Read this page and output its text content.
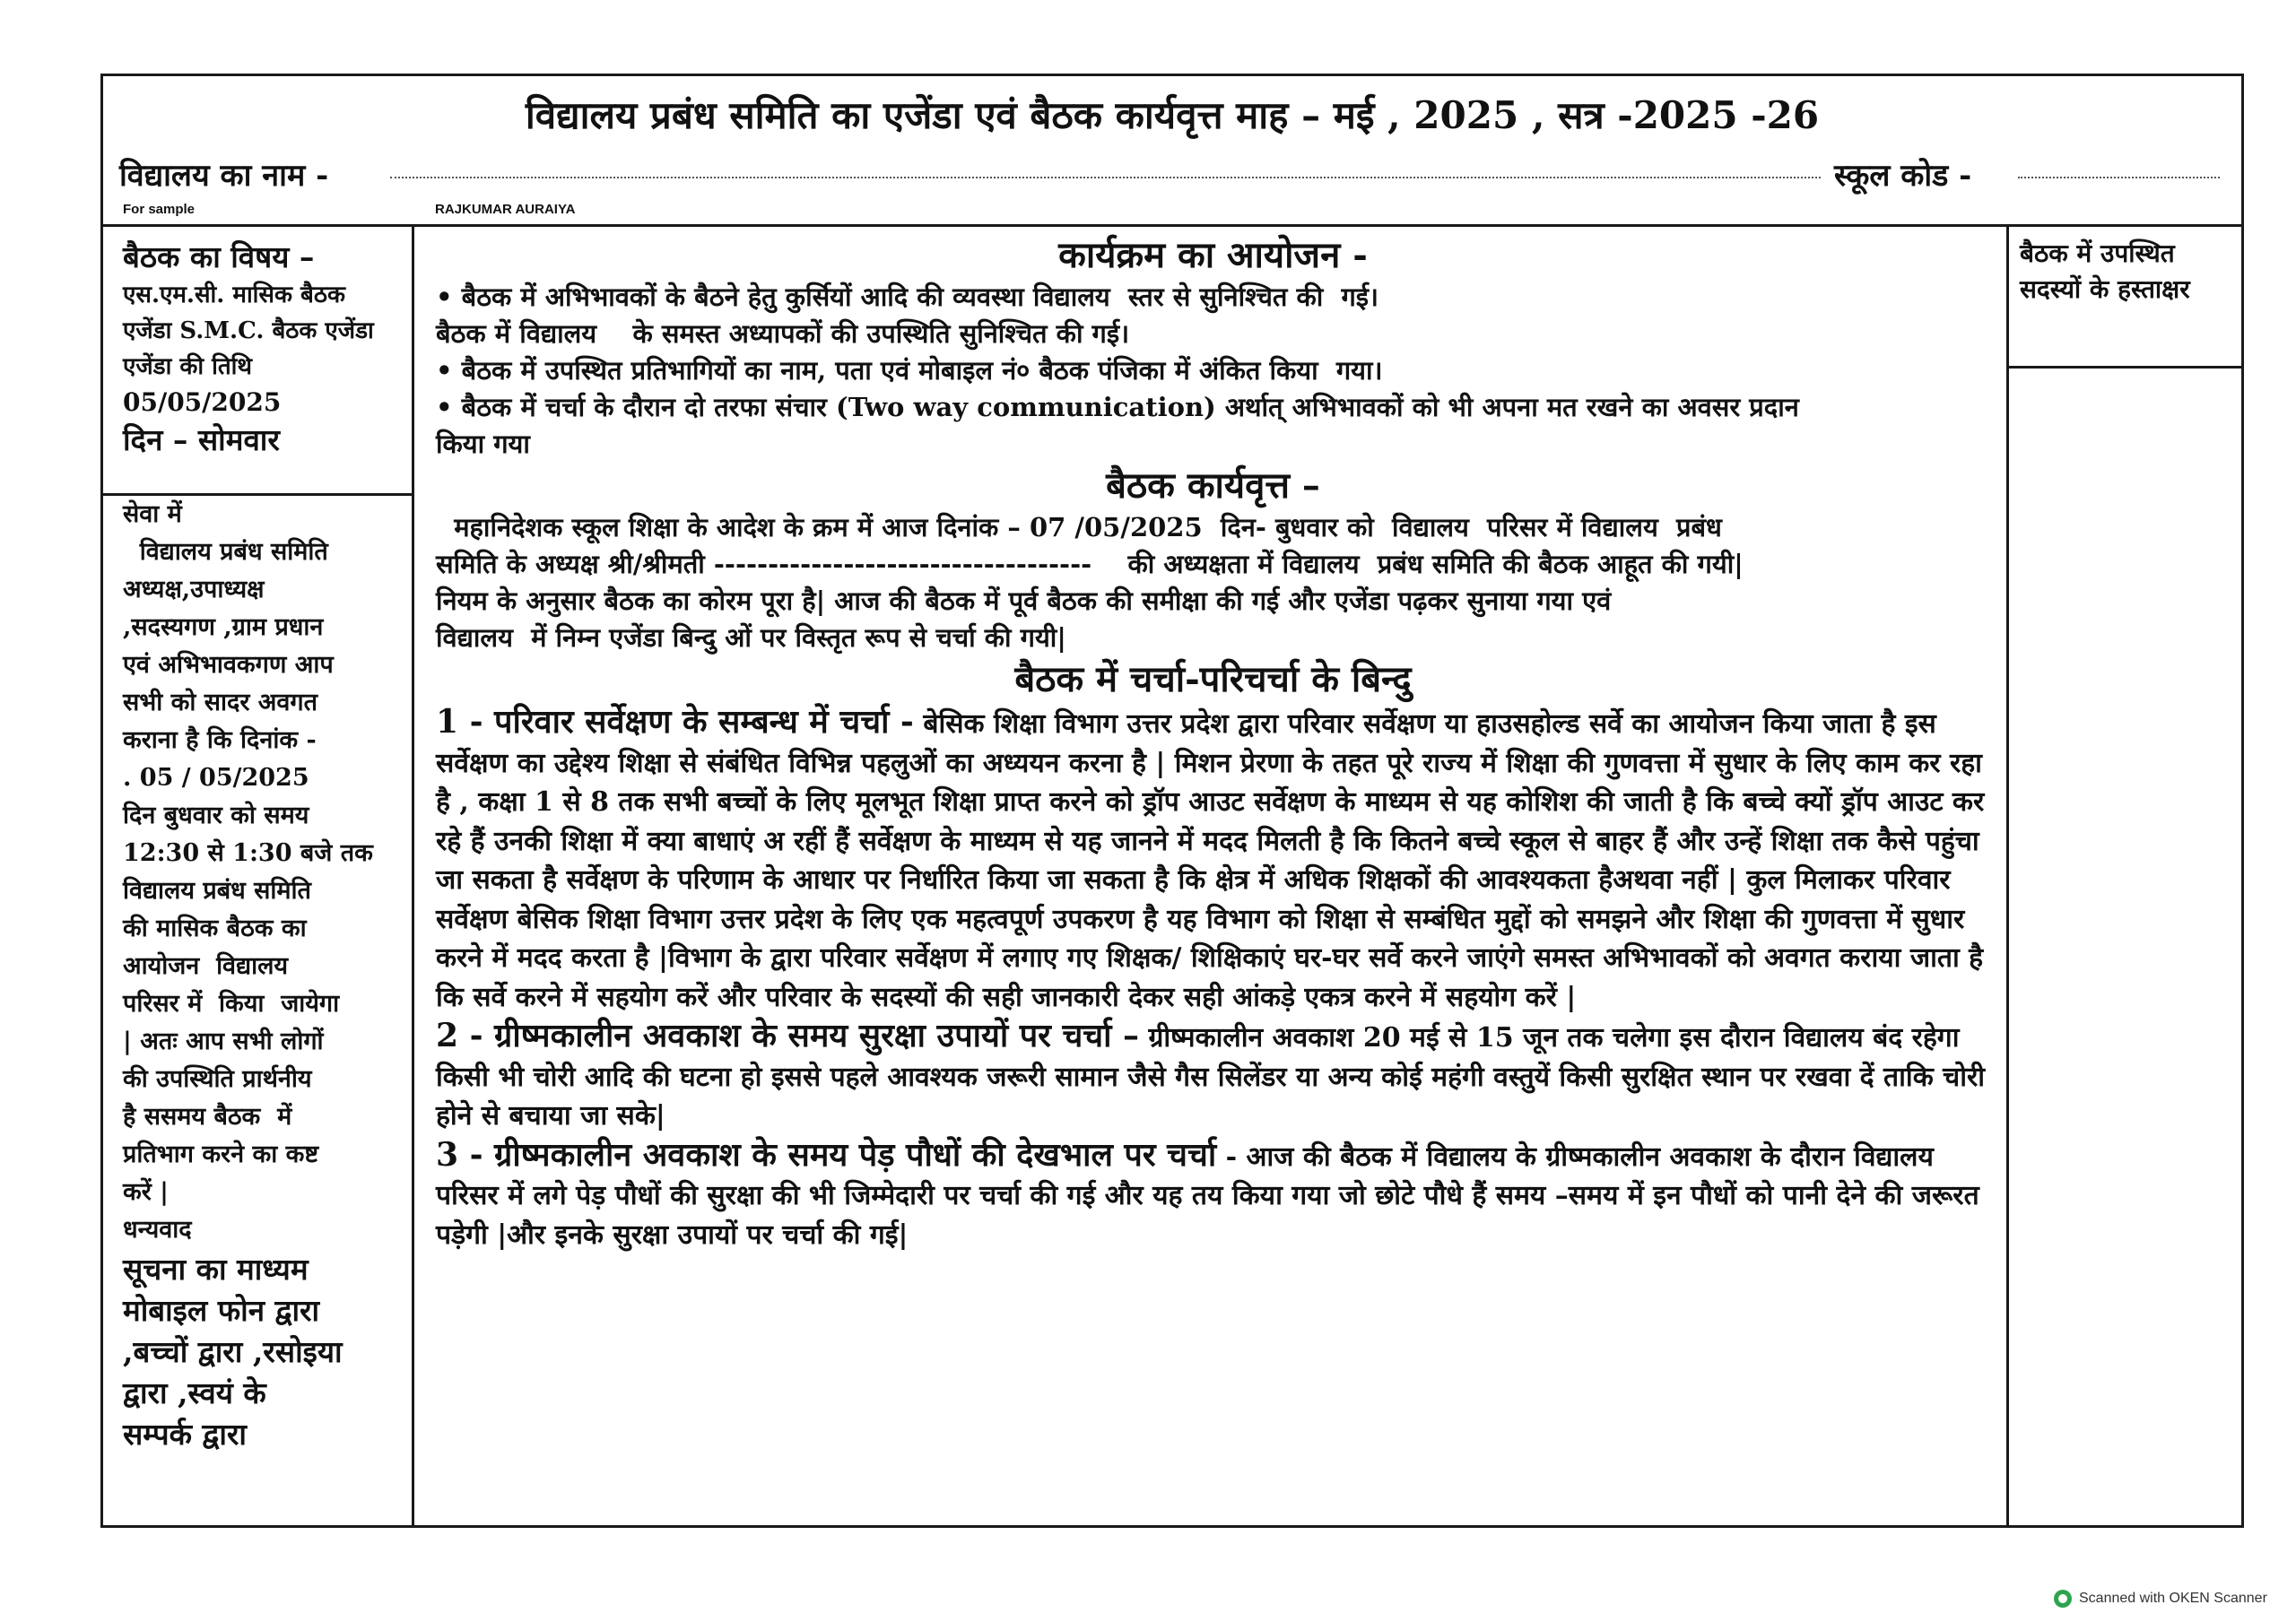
विद्यालय प्रबंध समिति का एजेंडा एवं बैठक कार्यवृत्त माह – मई , 2025 , सत्र -2025 -26
विद्यालय का नाम -	स्कूल कोड -
For sample	RAJKUMAR AURAIYA
बैठक का विषय –
एस.एम.सी. मासिक बैठक
एजेंडा S.M.C. बैठक एजेंडा
एजेंडा की तिथि
05/05/2025
दिन – सोमवार
सेवा में
विद्यालय प्रबंध समिति
अध्यक्ष,उपाध्यक्ष
,सदस्यगण ,ग्राम प्रधान
एवं अभिभावकगण आप
सभी को सादर अवगत
कराना है कि दिनांक -
. 05 / 05/2025
दिन बुधवार को समय
12:30 से 1:30 बजे तक
विद्यालय प्रबंध समिति
की मासिक बैठक का
आयोजन  विद्यालय
परिसर में  किया  जायेगा
| अतः आप सभी लोगों
की उपस्थिति प्रार्थनीय
है ससमय बैठक  में
प्रतिभाग करने का कष्ट
करें |
धन्यवाद
सूचना का माध्यम
मोबाइल फोन द्वारा
,बच्चों द्वारा ,रसोइया
द्वारा ,स्वयं के
सम्पर्क द्वारा

कार्यक्रम का आयोजन -

• बैठक में अभिभावकों के बैठने हेतु कुर्सियों आदि की व्यवस्था विद्यालय  स्तर से सुनिश्चित की  गई।
बैठक में विद्यालय    के समस्त अध्यापकों की उपस्थिति सुनिश्चित की गई।
• बैठक में उपस्थित प्रतिभागियों का नाम, पता एवं मोबाइल नं० बैठक पंजिका में अंकित किया  गया।
• बैठक में चर्चा के दौरान दो तरफा संचार (Two way communication) अर्थात् अभिभावकों को भी अपना मत रखने का अवसर प्रदान
किया गया

बैठक कार्यवृत्त –

महानिदेशक स्कूल शिक्षा के आदेश के क्रम में आज दिनांक – 07 /05/2025  दिन- बुधवार को  विद्यालय  परिसर में विद्यालय  प्रबंध
समिति के अध्यक्ष श्री/श्रीमती -----------------------------------    की अध्यक्षता में विद्यालय  प्रबंध समिति की बैठक आहूत की गयी|
नियम के अनुसार बैठक का कोरम पूरा है| आज की बैठक में पूर्व बैठक की समीक्षा की गई और एजेंडा पढ़कर सुनाया गया एवं
विद्यालय  में निम्न एजेंडा बिन्दु ओं पर विस्तृत रूप से चर्चा की गयी|

बैठक में चर्चा-परिचर्चा के बिन्दु

1 - परिवार सर्वेक्षण के सम्बन्ध में चर्चा - बेसिक शिक्षा विभाग उत्तर प्रदेश द्वारा परिवार सर्वेक्षण या हाउसहोल्ड सर्वे का आयोजन किया जाता है इस सर्वेक्षण का उद्देश्य शिक्षा से संबंधित विभिन्न पहलुओं का अध्ययन करना है | मिशन प्रेरणा के तहत पूरे राज्य में शिक्षा की गुणवत्ता में सुधार के लिए काम कर रहा है , कक्षा 1 से 8 तक सभी बच्चों के लिए मूलभूत शिक्षा प्राप्त करने को ड्रॉप आउट सर्वेक्षण के माध्यम से यह कोशिश की जाती है कि बच्चे क्यों ड्रॉप आउट कर रहे हैं उनकी शिक्षा में क्या बाधाएं अ रहीं हैं सर्वेक्षण के माध्यम से यह जानने में मदद मिलती है कि कितने बच्चे स्कूल से बाहर हैं और उन्हें शिक्षा तक कैसे पहुंचा जा सकता है सर्वेक्षण के परिणाम के आधार पर निर्धारित किया जा सकता है कि क्षेत्र में अधिक शिक्षकों की आवश्यकता हैअथवा नहीं | कुल मिलाकर परिवार सर्वेक्षण बेसिक शिक्षा विभाग उत्तर प्रदेश के लिए एक महत्वपूर्ण उपकरण है यह विभाग को शिक्षा से सम्बंधित मुद्दों को समझने और शिक्षा की गुणवत्ता में सुधार करने में मदद करता है |विभाग के द्वारा परिवार सर्वेक्षण में लगाए गए शिक्षक/ शिक्षिकाएं घर-घर सर्वे करने जाएंगे समस्त अभिभावकों को अवगत कराया जाता है कि सर्वे करने में सहयोग करें और परिवार के सदस्यों की सही जानकारी देकर सही आंकड़े एकत्र करने में सहयोग करें |

2 - ग्रीष्मकालीन अवकाश के समय सुरक्षा उपायों पर चर्चा – ग्रीष्मकालीन अवकाश 20 मई से 15 जून तक चलेगा इस दौरान विद्यालय बंद रहेगा किसी भी चोरी आदि की घटना हो इससे पहले आवश्यक जरूरी सामान जैसे गैस सिलेंडर या अन्य कोई महंगी वस्तुयें किसी सुरक्षित स्थान पर रखवा दें ताकि चोरी होने से बचाया जा सके|

3 - ग्रीष्मकालीन अवकाश के समय पेड़ पौधों की देखभाल पर चर्चा - आज की बैठक में विद्यालय के ग्रीष्मकालीन अवकाश के दौरान विद्यालय परिसर में लगे पेड़ पौधों की सुरक्षा की भी जिम्मेदारी पर चर्चा की गई और यह तय किया गया जो छोटे पौधे हैं समय –समय में इन पौधों को पानी देने की जरूरत पड़ेगी |और इनके सुरक्षा उपायों पर चर्चा की गई|

बैठक में उपस्थित सदस्यों के हस्ताक्षर
Scanned with OKEN Scanner
